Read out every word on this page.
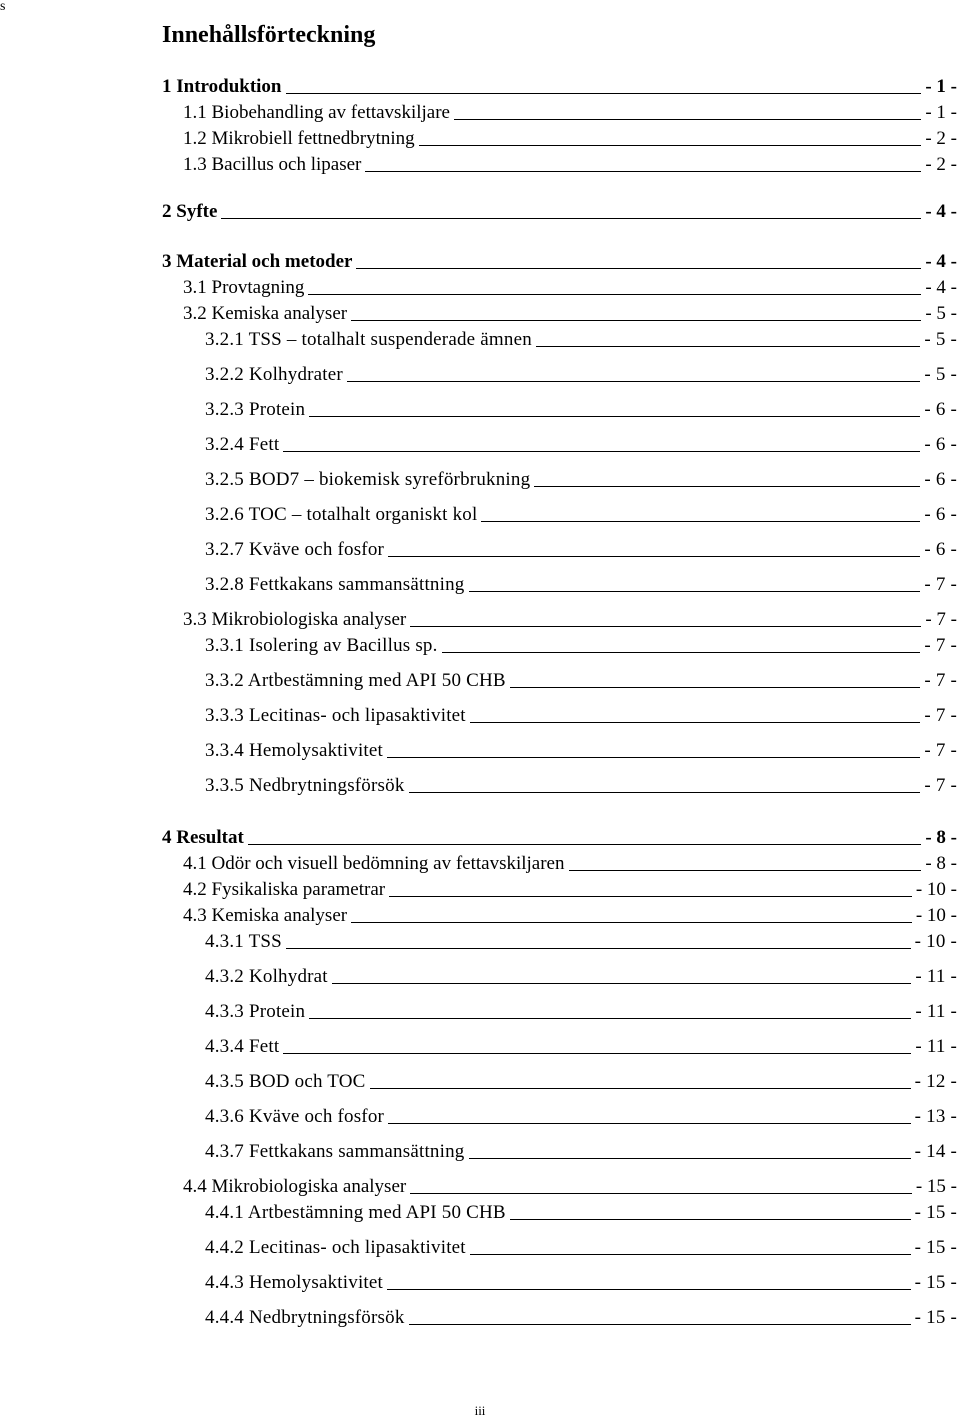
s
Innehållsförteckning
1 Introduktion	- 1 -
1.1 Biobehandling av fettavskiljare	- 1 -
1.2 Mikrobiell fettnedbrytning	- 2 -
1.3 Bacillus och lipaser	- 2 -
2 Syfte	- 4 -
3 Material och metoder	- 4 -
3.1 Provtagning	- 4 -
3.2 Kemiska analyser	- 5 -
3.2.1 TSS – totalhalt suspenderade ämnen	- 5 -
3.2.2 Kolhydrater	- 5 -
3.2.3 Protein	- 6 -
3.2.4 Fett	- 6 -
3.2.5 BOD7 – biokemisk syreförbrukning	- 6 -
3.2.6 TOC – totalhalt organiskt kol	- 6 -
3.2.7 Kväve och fosfor	- 6 -
3.2.8 Fettkakans sammansättning	- 7 -
3.3 Mikrobiologiska analyser	- 7 -
3.3.1 Isolering av Bacillus sp.	- 7 -
3.3.2 Artbestämning med API 50 CHB	- 7 -
3.3.3 Lecitinas- och lipasaktivitet	- 7 -
3.3.4 Hemolysaktivitet	- 7 -
3.3.5 Nedbrytningsförsök	- 7 -
4 Resultat	- 8 -
4.1 Odör och visuell bedömning av fettavskiljaren	- 8 -
4.2 Fysikaliska parametrar	- 10 -
4.3 Kemiska analyser	- 10 -
4.3.1 TSS	- 10 -
4.3.2 Kolhydrat	- 11 -
4.3.3 Protein	- 11 -
4.3.4 Fett	- 11 -
4.3.5 BOD och TOC	- 12 -
4.3.6 Kväve och fosfor	- 13 -
4.3.7 Fettkakans sammansättning	- 14 -
4.4 Mikrobiologiska analyser	- 15 -
4.4.1 Artbestämning med API 50 CHB	- 15 -
4.4.2 Lecitinas- och lipasaktivitet	- 15 -
4.4.3 Hemolysaktivitet	- 15 -
4.4.4 Nedbrytningsförsök	- 15 -
iii
